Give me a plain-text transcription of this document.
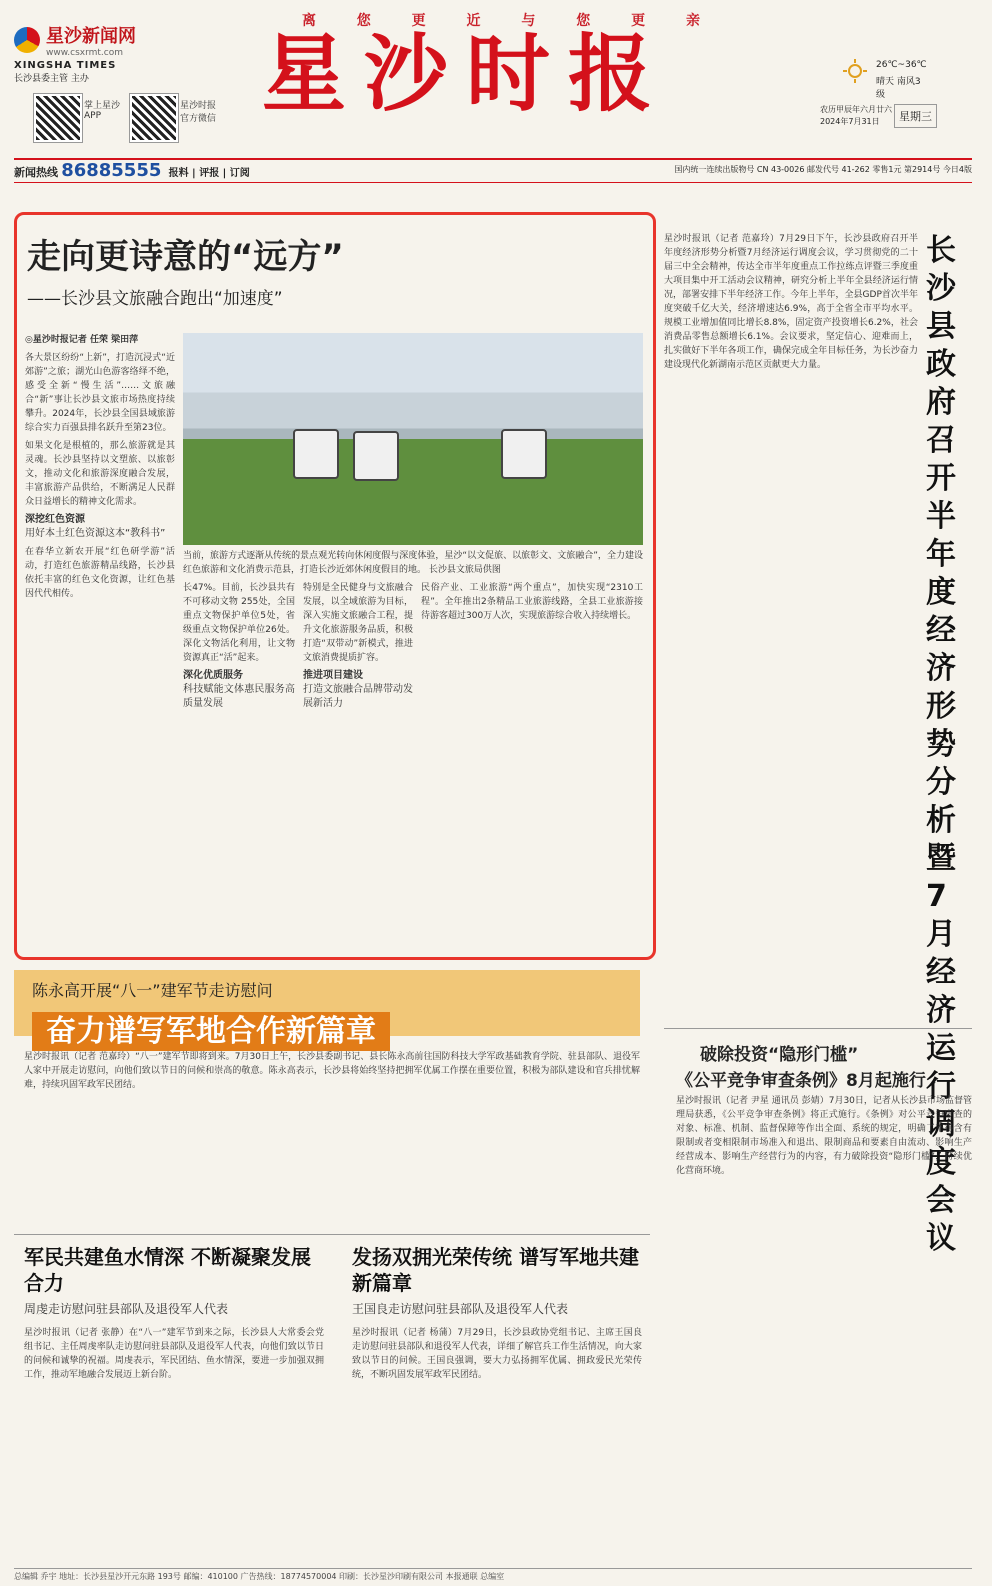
离 您 更 近 与 您 更 亲
星沙新闻网
www.csxrmt.com
XINGSHA TIMES
长沙县委主管 主办	星沙时报
掌上星沙 APP
星沙时报 官方微信
26℃~36℃
晴天 南风3级
农历甲辰年六月廿六
2024年7月31日	星期三
新闻热线 86885555 报料 | 评报 | 订阅	国内统一连续出版物号 CN 43-0026 邮发代号 41-262 零售1元 第2914号 今日4版
走向更诗意的“远方”
——长沙县文旅融合跑出“加速度”
◎星沙时报记者 任荣 梁田萍

各大景区纷纷“上新”，打造沉浸式“近郊游”之旅；湖光山色游客络绎不绝，感受全新“慢生活”……文旅融合“新”事让长沙县文旅市场热度持续攀升。2024年，长沙县全国县域旅游综合实力百强县排名跃升至第23位。

如果文化是根植的，那么旅游就是其灵魂。长沙县坚持以文塑旅、以旅彰文，推动文化和旅游深度融合发展，丰富旅游产品供给，不断满足人民群众日益增长的精神文化需求。

深挖红色资源
用好本土红色资源这本“教科书”

在春华立新农开展“红色研学游”活动，打造红色旅游精品线路，长沙县依托丰富的红色文化资源，让红色基因代代相传。

当前，旅游方式逐渐从传统的景点观光转向休闲度假与深度体验，星沙“以文促旅、以旅彰文、文旅融合”，全力建设红色旅游和文化消费示范县，打造长沙近郊休闲度假目的地。 长沙县文旅局供图

长47%。目前，长沙县共有不可移动文物 255处，全国重点文物保护单位5处，省级重点文物保护单位26处。深化文物活化利用，让文物资源真正“活”起来。

深化优质服务
科技赋能文体惠民服务高质量发展

特别是全民健身与文旅融合发展，以全域旅游为目标，深入实施文旅融合工程，提升文化旅游服务品质，积极打造“双带动”新模式，推进文旅消费提质扩容。

推进项目建设
打造文旅融合品牌带动发展新活力
民俗产业、工业旅游“两个重点”，加快实现“2310工程”。全年推出2条精品工业旅游线路，全县工业旅游接待游客超过300万人次，实现旅游综合收入持续增长。
星沙时报讯（记者 范嘉玲）7月29日下午，长沙县政府召开半年度经济形势分析暨7月经济运行调度会议，学习贯彻党的二十届三中全会精神，传达全市半年度重点工作拉练点评暨三季度重大项目集中开工活动会议精神，研究分析上半年全县经济运行情况，部署安排下半年经济工作。今年上半年，全县GDP首次半年度突破千亿大关，经济增速达6.9%，高于全省全市平均水平。规模工业增加值同比增长8.8%，固定资产投资增长6.2%，社会消费品零售总额增长6.1%。会议要求，坚定信心、迎难而上，扎实做好下半年各项工作，确保完成全年目标任务，为长沙奋力建设现代化新湖南示范区贡献更大力量。
长沙县政府召开半年度经济形势分析暨7月经济运行调度会议
破除投资“隐形门槛”
《公平竞争审查条例》8月起施行
星沙时报讯（记者 尹星 通讯员 彭婧）7月30日，记者从长沙县市场监督管理局获悉，《公平竞争审查条例》将正式施行。《条例》对公平竞争审查的对象、标准、机制、监督保障等作出全面、系统的规定，明确了不得含有限制或者变相限制市场准入和退出、限制商品和要素自由流动、影响生产经营成本、影响生产经营行为的内容，有力破除投资“隐形门槛”，持续优化营商环境。
陈永高开展“八一”建军节走访慰问
奋力谱写军地合作新篇章
星沙时报讯（记者 范嘉玲）“八一”建军节即将到来。7月30日上午，长沙县委副书记、县长陈永高前往国防科技大学军政基础教育学院、驻县部队、退役军人家中开展走访慰问，向他们致以节日的问候和崇高的敬意。陈永高表示，长沙县将始终坚持把拥军优属工作摆在重要位置，积极为部队建设和官兵排忧解难，持续巩固军政军民团结。
军民共建鱼水情深 不断凝聚发展合力
周虔走访慰问驻县部队及退役军人代表
星沙时报讯（记者 张静）在“八一”建军节到来之际，长沙县人大常委会党组书记、主任周虔率队走访慰问驻县部队及退役军人代表，向他们致以节日的问候和诚挚的祝福。周虔表示，军民团结、鱼水情深，要进一步加强双拥工作，推动军地融合发展迈上新台阶。
发扬双拥光荣传统 谱写军地共建新篇章
王国良走访慰问驻县部队及退役军人代表
星沙时报讯（记者 杨蒲）7月29日，长沙县政协党组书记、主席王国良走访慰问驻县部队和退役军人代表，详细了解官兵工作生活情况，向大家致以节日的问候。王国良强调，要大力弘扬拥军优属、拥政爱民光荣传统，不断巩固发展军政军民团结。
总编辑 乔宇 地址：长沙县星沙开元东路 193号 邮编：410100 广告热线：18774570004 印刷：长沙星沙印刷有限公司 本报通联 总编室
